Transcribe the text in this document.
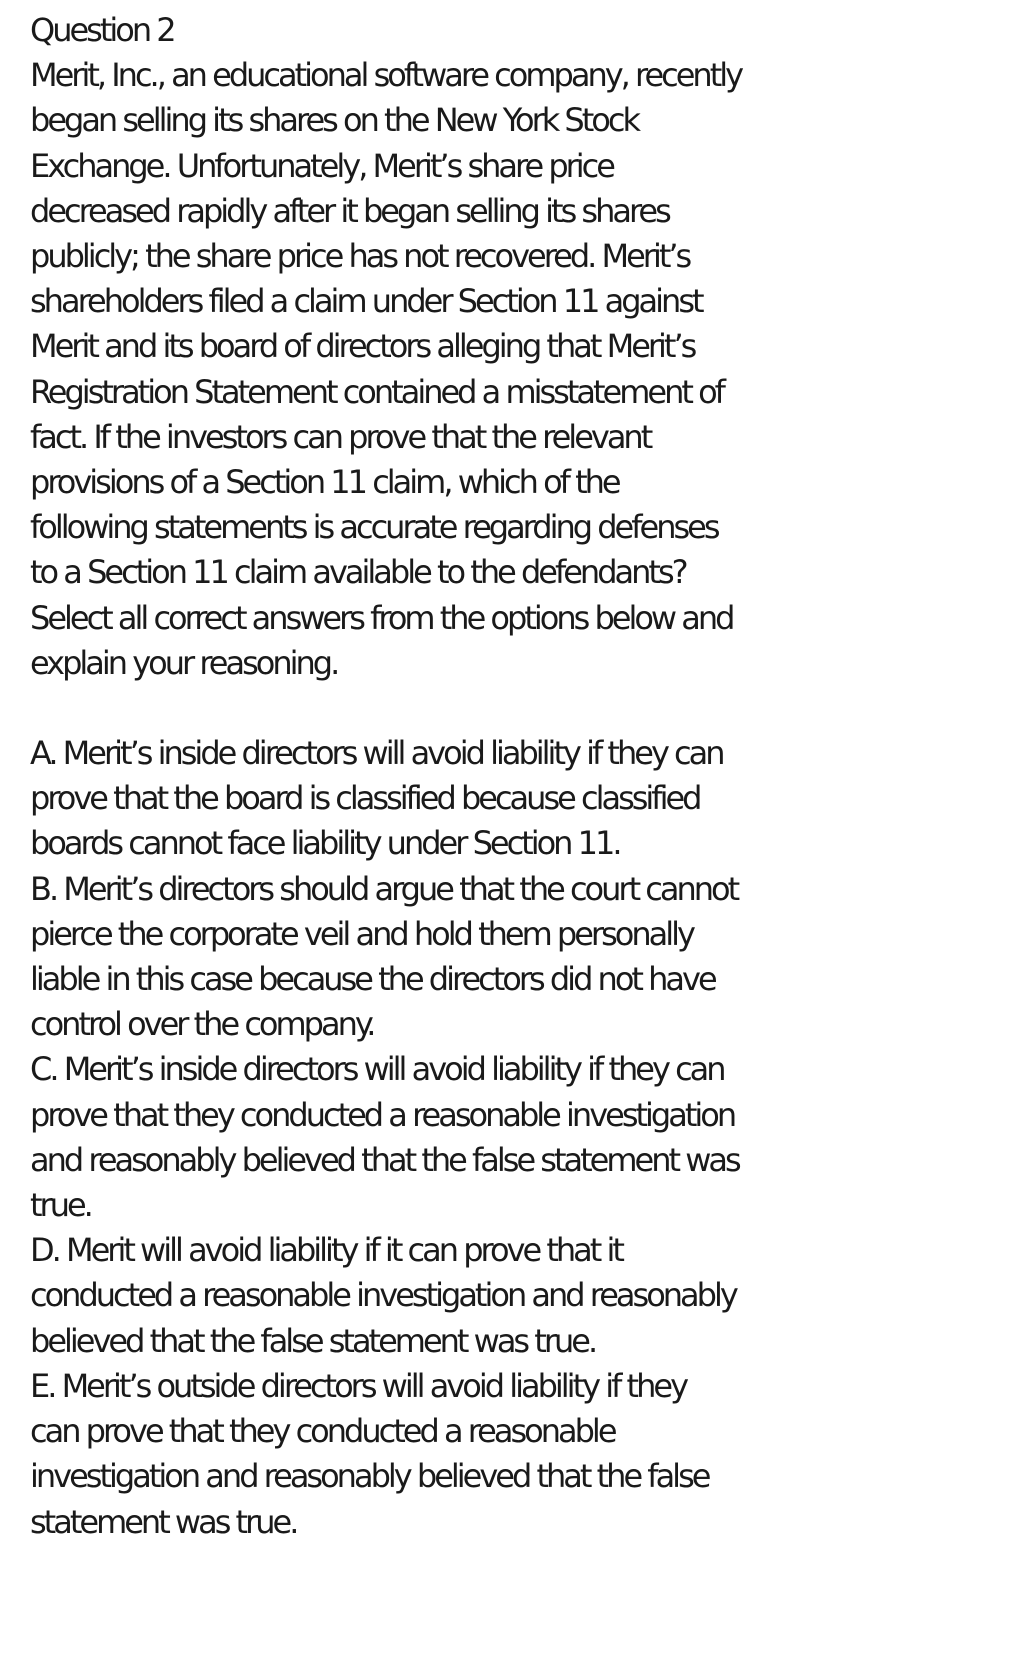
Question 2
Merit, Inc., an educational software company, recently
began selling its shares on the New York Stock
Exchange. Unfortunately, Merit’s share price
decreased rapidly after it began selling its shares
publicly; the share price has not recovered. Merit’s
shareholders filed a claim under Section 11 against
Merit and its board of directors alleging that Merit’s
Registration Statement contained a misstatement of
fact. If the investors can prove that the relevant
provisions of a Section 11 claim, which of the
following statements is accurate regarding defenses
to a Section 11 claim available to the defendants?
Select all correct answers from the options below and
explain your reasoning.
A. Merit’s inside directors will avoid liability if they can
prove that the board is classified because classified
boards cannot face liability under Section 11.
B. Merit’s directors should argue that the court cannot
pierce the corporate veil and hold them personally
liable in this case because the directors did not have
control over the company.
C. Merit’s inside directors will avoid liability if they can
prove that they conducted a reasonable investigation
and reasonably believed that the false statement was
true.
D. Merit will avoid liability if it can prove that it
conducted a reasonable investigation and reasonably
believed that the false statement was true.
E. Merit’s outside directors will avoid liability if they
can prove that they conducted a reasonable
investigation and reasonably believed that the false
statement was true.
